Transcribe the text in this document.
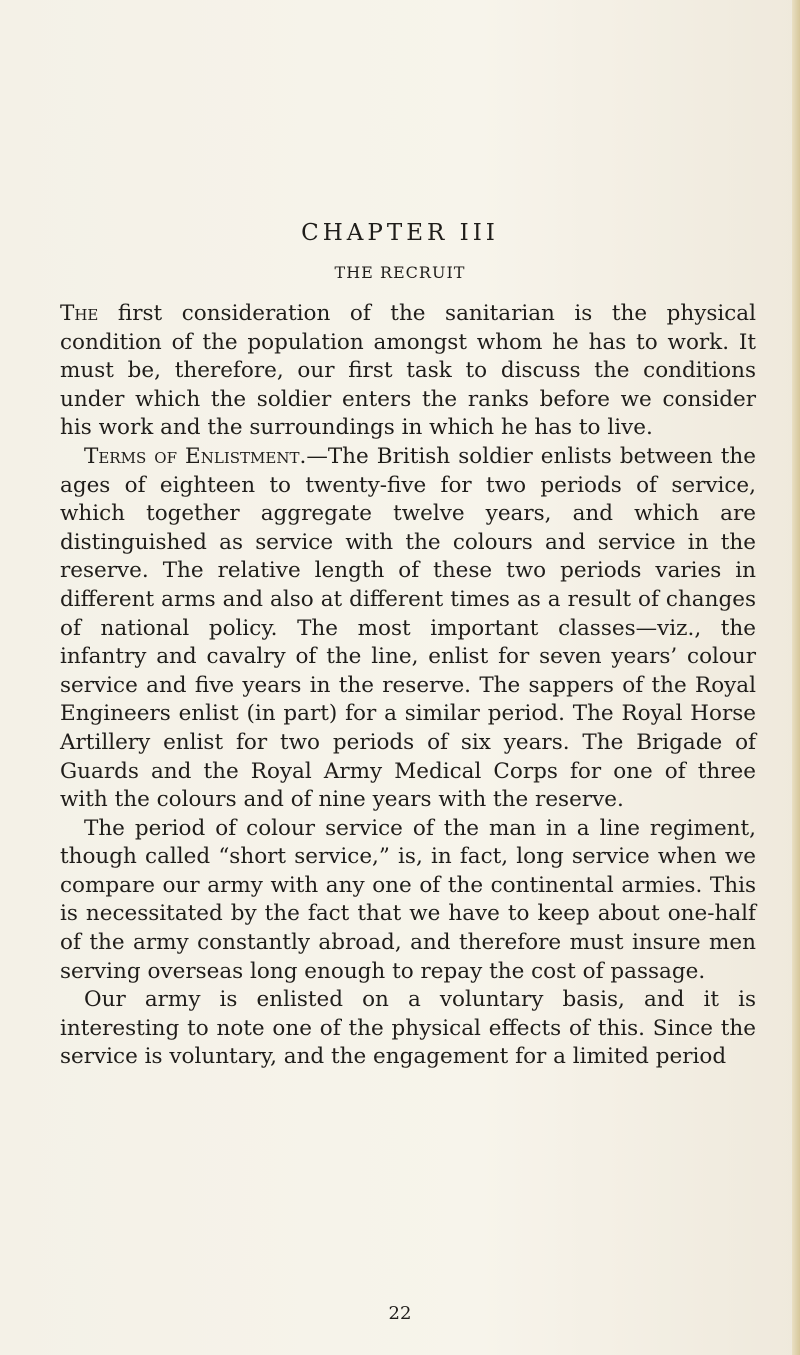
CHAPTER III
THE RECRUIT

The first consideration of the sanitarian is the physical condition of the population amongst whom he has to work. It must be, therefore, our first task to discuss the conditions under which the soldier enters the ranks before we consider his work and the surroundings in which he has to live.

Terms of Enlistment.—The British soldier enlists between the ages of eighteen to twenty-five for two periods of service, which together aggregate twelve years, and which are distinguished as service with the colours and service in the reserve. The relative length of these two periods varies in different arms and also at different times as a result of changes of national policy. The most important classes—viz., the infantry and cavalry of the line, enlist for seven years’ colour service and five years in the reserve. The sappers of the Royal Engineers enlist (in part) for a similar period. The Royal Horse Artillery enlist for two periods of six years. The Brigade of Guards and the Royal Army Medical Corps for one of three with the colours and of nine years with the reserve.

The period of colour service of the man in a line regiment, though called “short service,” is, in fact, long service when we compare our army with any one of the continental armies. This is necessitated by the fact that we have to keep about one-half of the army constantly abroad, and therefore must insure men serving overseas long enough to repay the cost of passage.

Our army is enlisted on a voluntary basis, and it is interesting to note one of the physical effects of this. Since the service is voluntary, and the engagement for a limited period

22
